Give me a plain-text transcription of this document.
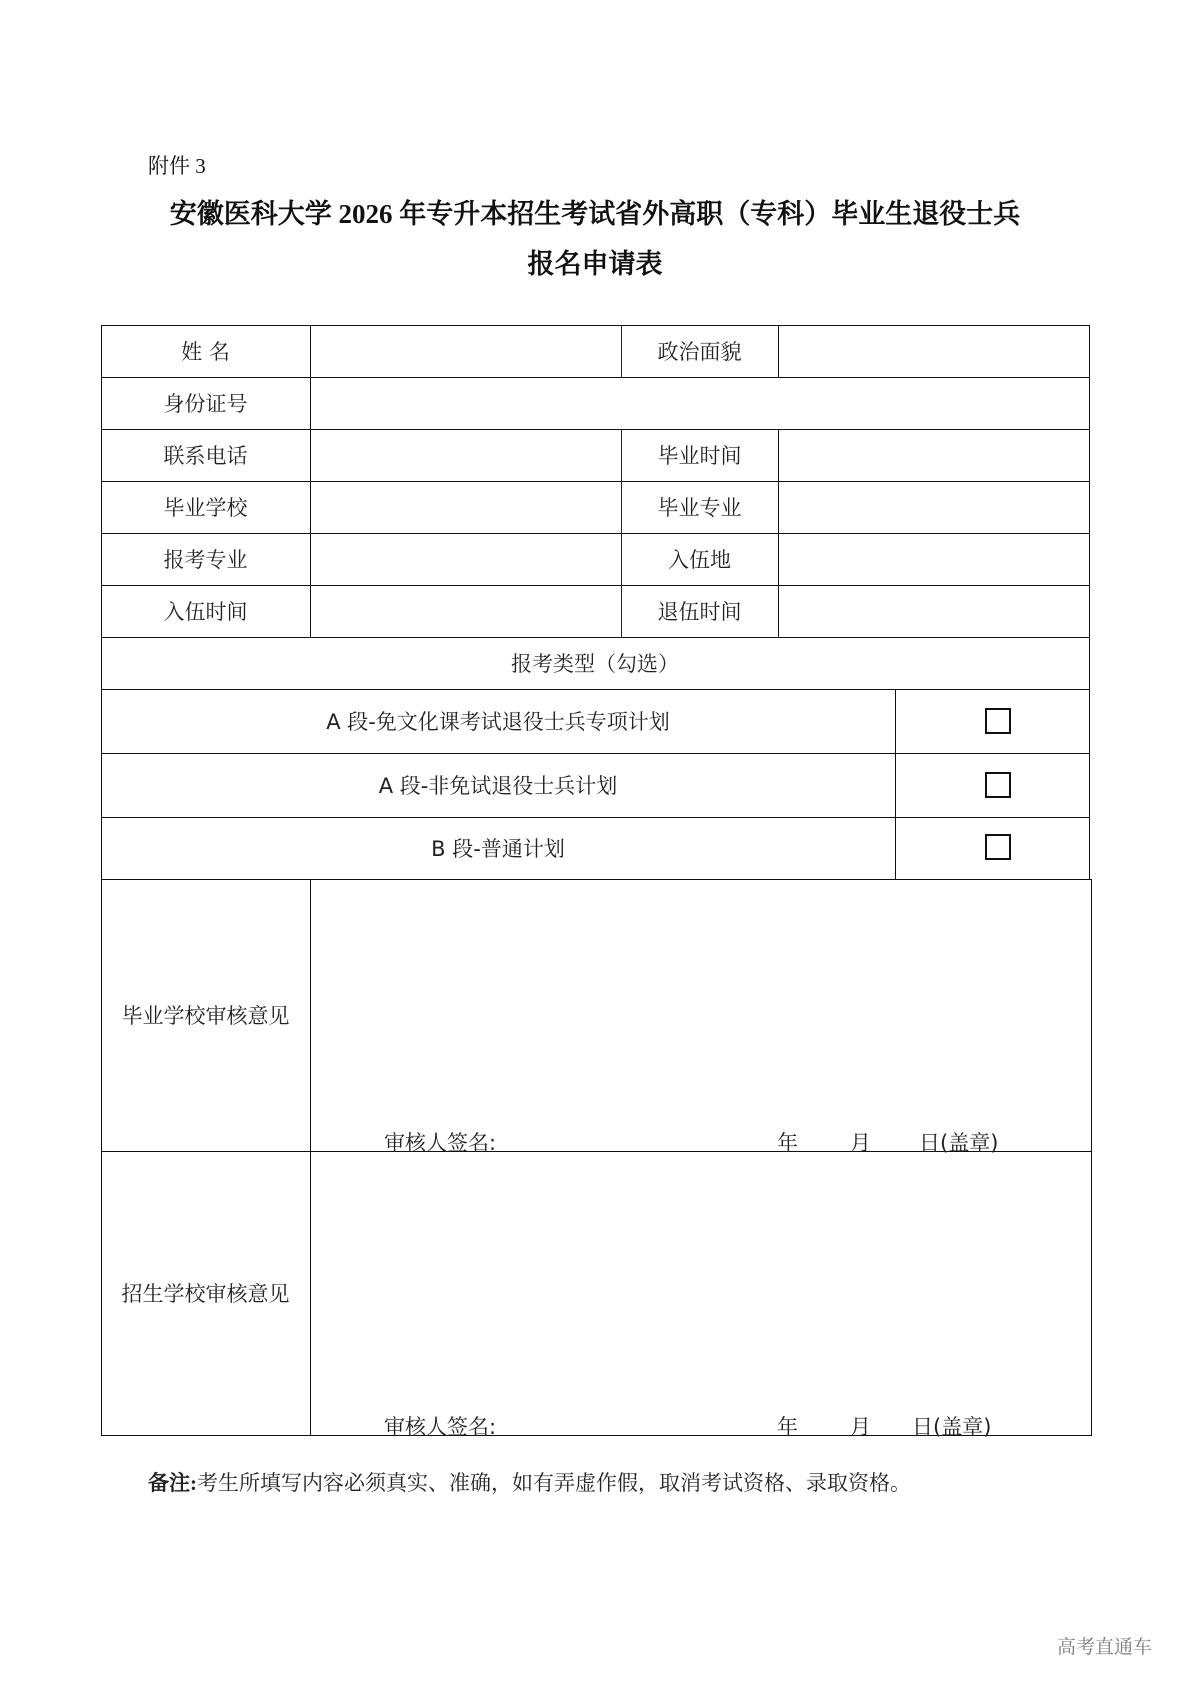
附件 3
安徽医科大学 2026 年专升本招生考试省外高职（专科）毕业生退役士兵
报名申请表
姓 名	政治面貌
身份证号
联系电话	毕业时间
毕业学校	毕业专业
报考专业	入伍地
入伍时间	退伍时间
报考类型（勾选）
A 段-免文化课考试退役士兵专项计划
A 段-非免试退役士兵计划
B 段-普通计划
毕业学校审核意见
审核人签名:	年 月 日(盖章)
招生学校审核意见
审核人签名:	年 月 日(盖章)
备注:考生所填写内容必须真实、准确，如有弄虚作假，取消考试资格、录取资格。
高考直通车
